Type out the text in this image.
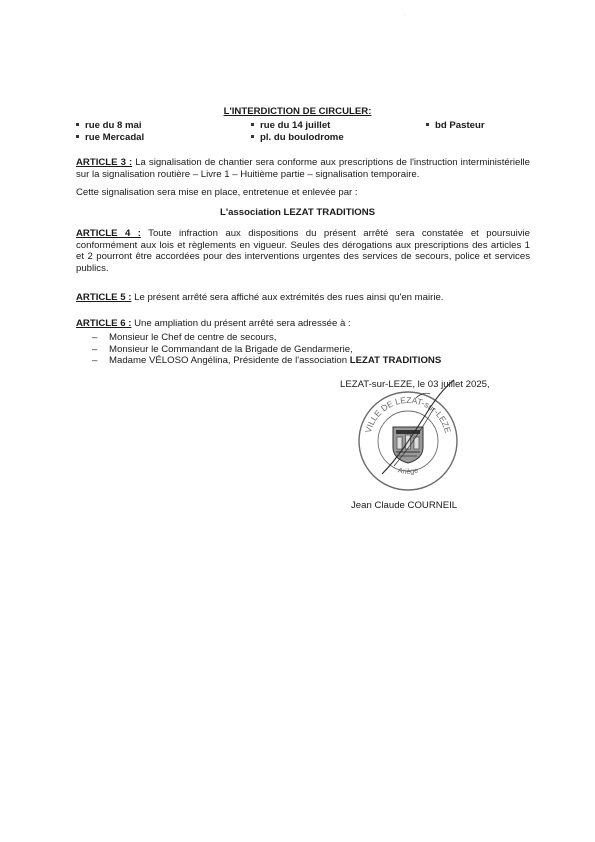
·
L'INTERDICTION DE CIRCULER:
rue du 8 mai	rue du 14 juillet	bd Pasteur
rue Mercadal	pl. du boulodrome
ARTICLE 3 : La signalisation de chantier sera conforme aux prescriptions de l'instruction interministérielle sur la signalisation routière – Livre 1 – Huitième partie – signalisation temporaire.
Cette signalisation sera mise en place, entretenue et enlevée par :
L'association LEZAT TRADITIONS
ARTICLE 4 : Toute infraction aux dispositions du présent arrêté sera constatée et poursuivie conformément aux lois et règlements en vigueur. Seules des dérogations aux prescriptions des articles 1 et 2 pourront être accordées pour des interventions urgentes des services de secours, police et services publics.
ARTICLE 5 : Le présent arrêté sera affiché aux extrémités des rues ainsi qu'en mairie.
ARTICLE 6 : Une ampliation du présent arrêté sera adressée à :
– Monsieur le Chef de centre de secours,
– Monsieur le Commandant de la Brigade de Gendarmerie,
– Madame VÉLOSO Angélina, Présidente de l'association LEZAT TRADITIONS
LEZAT-sur-LEZE, le 03 juillet 2025,
VILLE DE LEZAT-sur-LEZE
Ariège
Jean Claude COURNEIL
